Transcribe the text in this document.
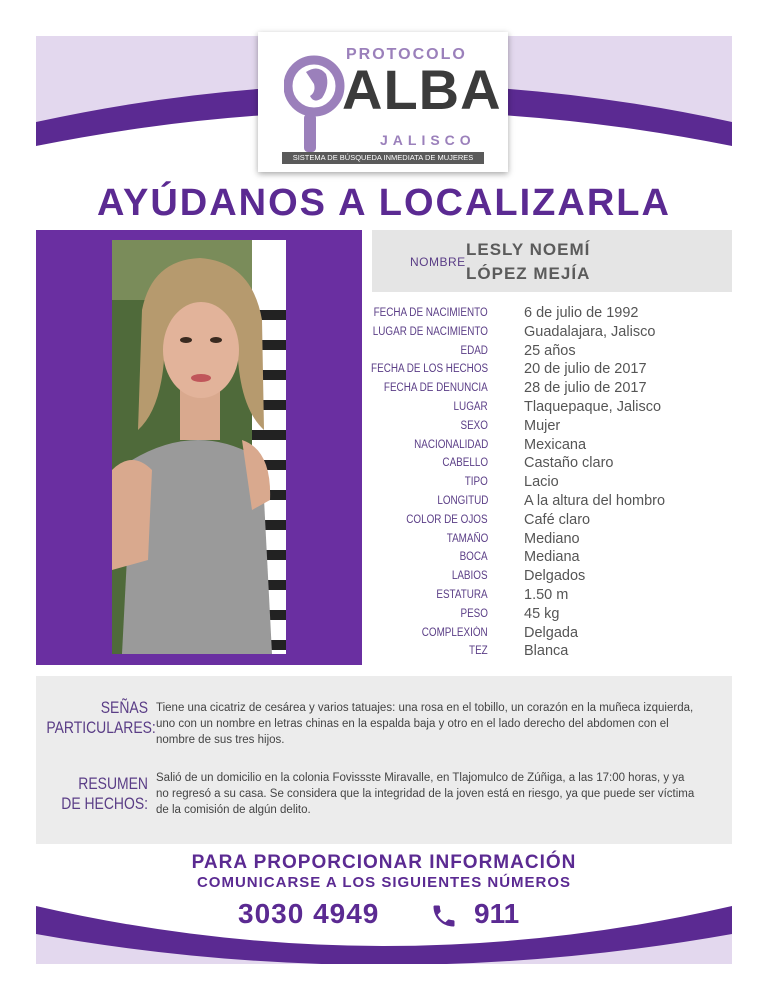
PROTOCOLO
ALBA
JALISCO
SISTEMA DE BÚSQUEDA INMEDIATA DE MUJERES
AYÚDANOS A LOCALIZARLA
NOMBRE
LESLY NOEMÍ
LÓPEZ MEJÍA
FECHA DE NACIMIENTO 6 de julio de 1992
LUGAR DE NACIMIENTO Guadalajara, Jalisco
EDAD 25 años
FECHA DE LOS HECHOS 20 de julio de 2017
FECHA DE DENUNCIA 28 de julio de 2017
LUGAR Tlaquepaque, Jalisco
SEXO Mujer
NACIONALIDAD Mexicana
CABELLO Castaño claro
TIPO Lacio
LONGITUD A la altura del hombro
COLOR DE OJOS Café claro
TAMAÑO Mediano
BOCA Mediana
LABIOS Delgados
ESTATURA 1.50 m
PESO 45 kg
COMPLEXIÓN Delgada
TEZ Blanca
SEÑAS
PARTICULARES:
Tiene una cicatriz de cesárea y varios tatuajes: una rosa en el tobillo, un corazón en la muñeca izquierda, uno con un nombre en letras chinas en la espalda baja y otro en el lado derecho del abdomen con el nombre de sus tres hijos.
RESUMEN
DE HECHOS:
Salió de un domicilio en la colonia Fovissste Miravalle, en Tlajomulco de Zúñiga, a las 17:00 horas, y ya no regresó a su casa. Se considera que la integridad de la joven está en riesgo, ya que puede ser víctima de la comisión de algún delito.
PARA PROPORCIONAR INFORMACIÓN
COMUNICARSE A LOS SIGUIENTES NÚMEROS
3030 4949	911
